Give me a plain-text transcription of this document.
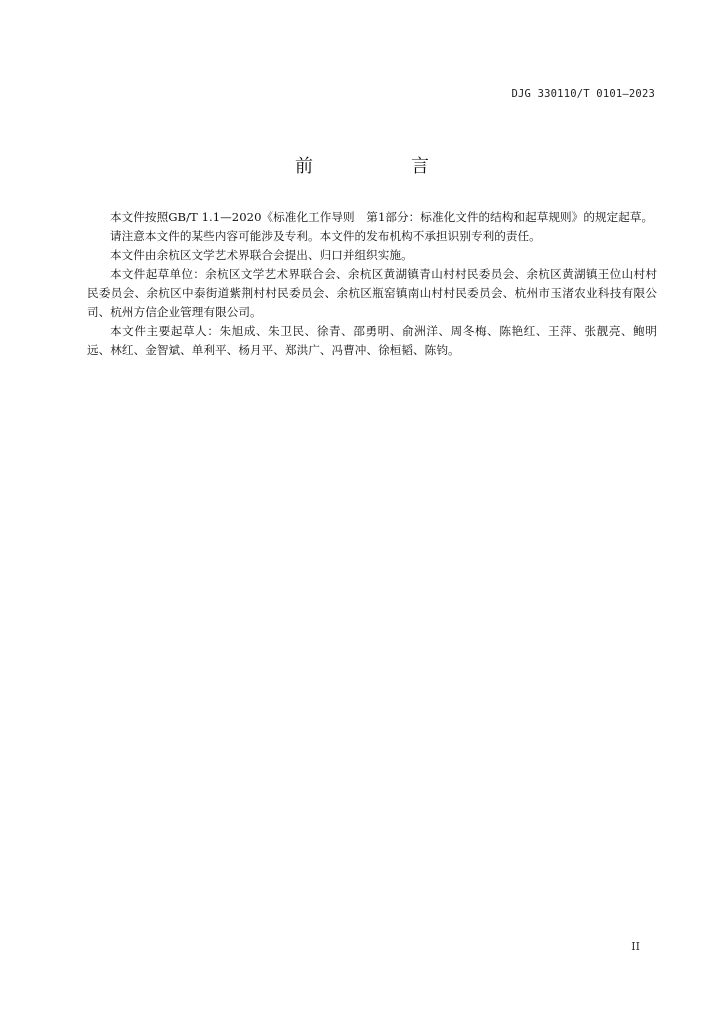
DJG 330110/T 0101—2023
前　言

本文件按照GB/T 1.1—2020《标准化工作导则　第1部分：标准化文件的结构和起草规则》的规定起草。

请注意本文件的某些内容可能涉及专利。本文件的发布机构不承担识别专利的责任。

本文件由余杭区文学艺术界联合会提出、归口并组织实施。

本文件起草单位：余杭区文学艺术界联合会、余杭区黄湖镇青山村村民委员会、余杭区黄湖镇王位山村村民委员会、余杭区中泰街道紫荆村村民委员会、余杭区瓶窑镇南山村村民委员会、杭州市玉渚农业科技有限公司、杭州方信企业管理有限公司。

本文件主要起草人：朱旭成、朱卫民、徐青、邵勇明、俞洲洋、周冬梅、陈艳红、王萍、张靓亮、鲍明远、林红、金智斌、单利平、杨月平、郑洪广、冯曹冲、徐桓韬、陈钧。

II
